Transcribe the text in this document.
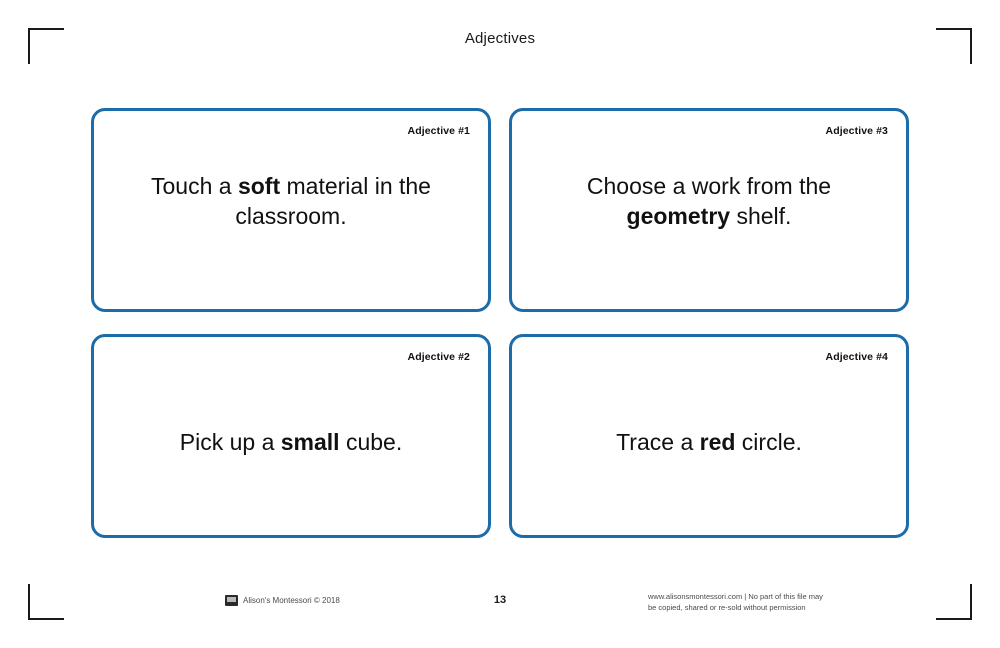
Adjectives
Adjective #1
Touch a soft material in the classroom.
Adjective #3
Choose a work from the geometry shelf.
Adjective #2
Pick up a small cube.
Adjective #4
Trace a red circle.
Alison's Montessori © 2018	13	www.alisonsmontessori.com | No part of this file may
be copied, shared or re-sold without permission
